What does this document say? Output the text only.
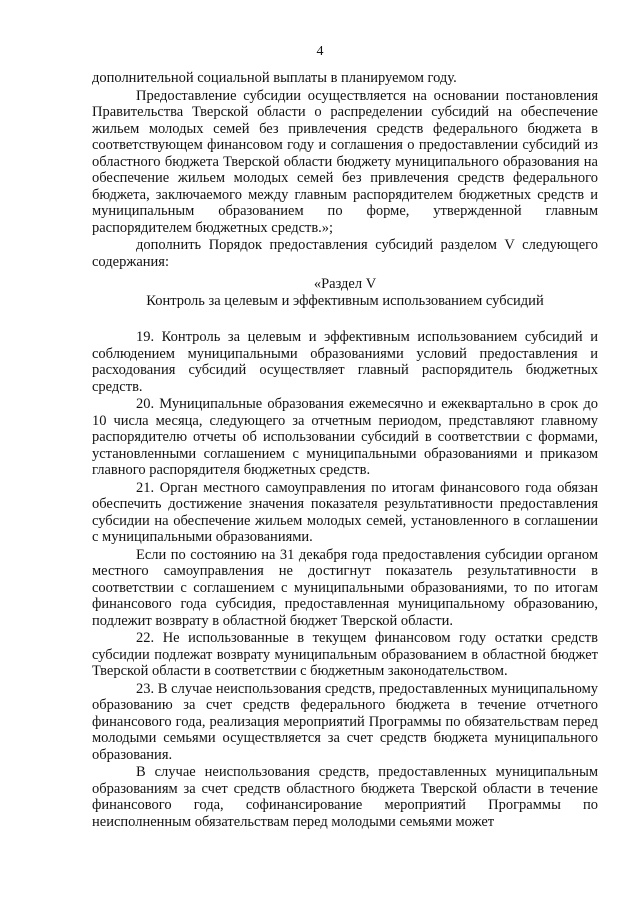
4

дополнительной социальной выплаты в планируемом году.

Предоставление субсидии осуществляется на основании постановления Правительства Тверской области о распределении субсидий на обеспечение жильем молодых семей без привлечения средств федерального бюджета в соответствующем финансовом году и соглашения о предоставлении субсидий из областного бюджета Тверской области бюджету муниципального образования на обеспечение жильем молодых семей без привлечения средств федерального бюджета, заключаемого между главным распорядителем бюджетных средств и муниципальным образованием по форме, утвержденной главным распорядителем бюджетных средств.»;

дополнить Порядок предоставления субсидий разделом V следующего содержания:

«Раздел V

Контроль за целевым и эффективным использованием субсидий

19. Контроль за целевым и эффективным использованием субсидий и соблюдением муниципальными образованиями условий предоставления и расходования субсидий осуществляет главный распорядитель бюджетных средств.

20. Муниципальные образования ежемесячно и ежеквартально в срок до 10 числа месяца, следующего за отчетным периодом, представляют главному распорядителю отчеты об использовании субсидий в соответствии с формами, установленными соглашением с муниципальными образованиями и приказом главного распорядителя бюджетных средств.

21. Орган местного самоуправления по итогам финансового года обязан обеспечить достижение значения показателя результативности предоставления субсидии на обеспечение жильем молодых семей, установленного в соглашении с муниципальными образованиями.

Если по состоянию на 31 декабря года предоставления субсидии органом местного самоуправления не достигнут показатель результативности в соответствии с соглашением с муниципальными образованиями, то по итогам финансового года субсидия, предоставленная муниципальному образованию, подлежит возврату в областной бюджет Тверской области.

22. Не использованные в текущем финансовом году остатки средств субсидии подлежат возврату муниципальным образованием в областной бюджет Тверской области в соответствии с бюджетным законодательством.

23. В случае неиспользования средств, предоставленных муниципальному образованию за счет средств федерального бюджета в течение отчетного финансового года, реализация мероприятий Программы по обязательствам перед молодыми семьями осуществляется за счет средств бюджета муниципального образования.

В случае неиспользования средств, предоставленных муниципальным образованиям за счет средств областного бюджета Тверской области в течение финансового года, софинансирование мероприятий Программы по неисполненным обязательствам перед молодыми семьями может
